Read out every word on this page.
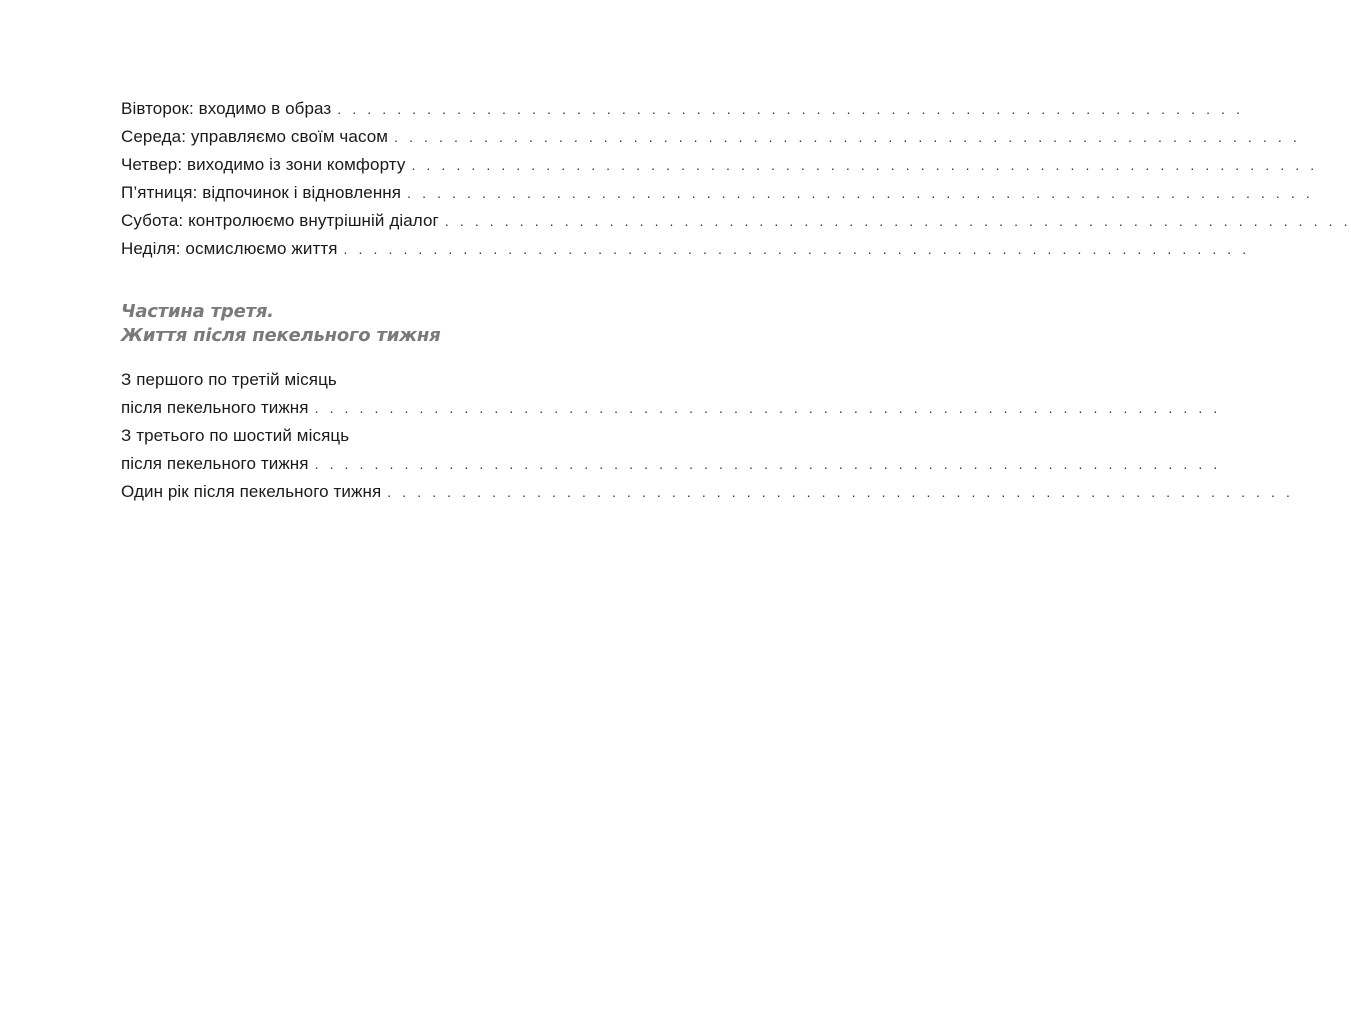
Вівторок: входимо в образ . . . . . . . . . . . . . . . . . . . . . . . . . . . . . . . . . . . . . . . . . . . . . . . . . . . . . . . . . . . . .
Середа: управляємо своїм часом . . . . . . . . . . . . . . . . . . . . . . . . . . . . . . . . . . . . . . . . . . . . . . . . . . . . . . . . . . . . .
Четвер: виходимо із зони комфорту . . . . . . . . . . . . . . . . . . . . . . . . . . . . . . . . . . . . . . . . . . . . . . . . . . . . . . . . . . . . .
П’ятниця: відпочинок і відновлення . . . . . . . . . . . . . . . . . . . . . . . . . . . . . . . . . . . . . . . . . . . . . . . . . . . . . . . . . . . . .
Субота: контролюємо внутрішній діалог . . . . . . . . . . . . . . . . . . . . . . . . . . . . . . . . . . . . . . . . . . . . . . . . . . . . . . . . . . . . .
Неділя: осмислюємо життя . . . . . . . . . . . . . . . . . . . . . . . . . . . . . . . . . . . . . . . . . . . . . . . . . . . . . . . . . . . . .
Частина третя.
Життя після пекельного тижня
З першого по третій місяць
після пекельного тижня . . . . . . . . . . . . . . . . . . . . . . . . . . . . . . . . . . . . . . . . . . . . . . . . . . . . . . . . . . . . .
З третього по шостий місяць
після пекельного тижня . . . . . . . . . . . . . . . . . . . . . . . . . . . . . . . . . . . . . . . . . . . . . . . . . . . . . . . . . . . . .
Один рік після пекельного тижня . . . . . . . . . . . . . . . . . . . . . . . . . . . . . . . . . . . . . . . . . . . . . . . . . . . . . . . . . . . . .
